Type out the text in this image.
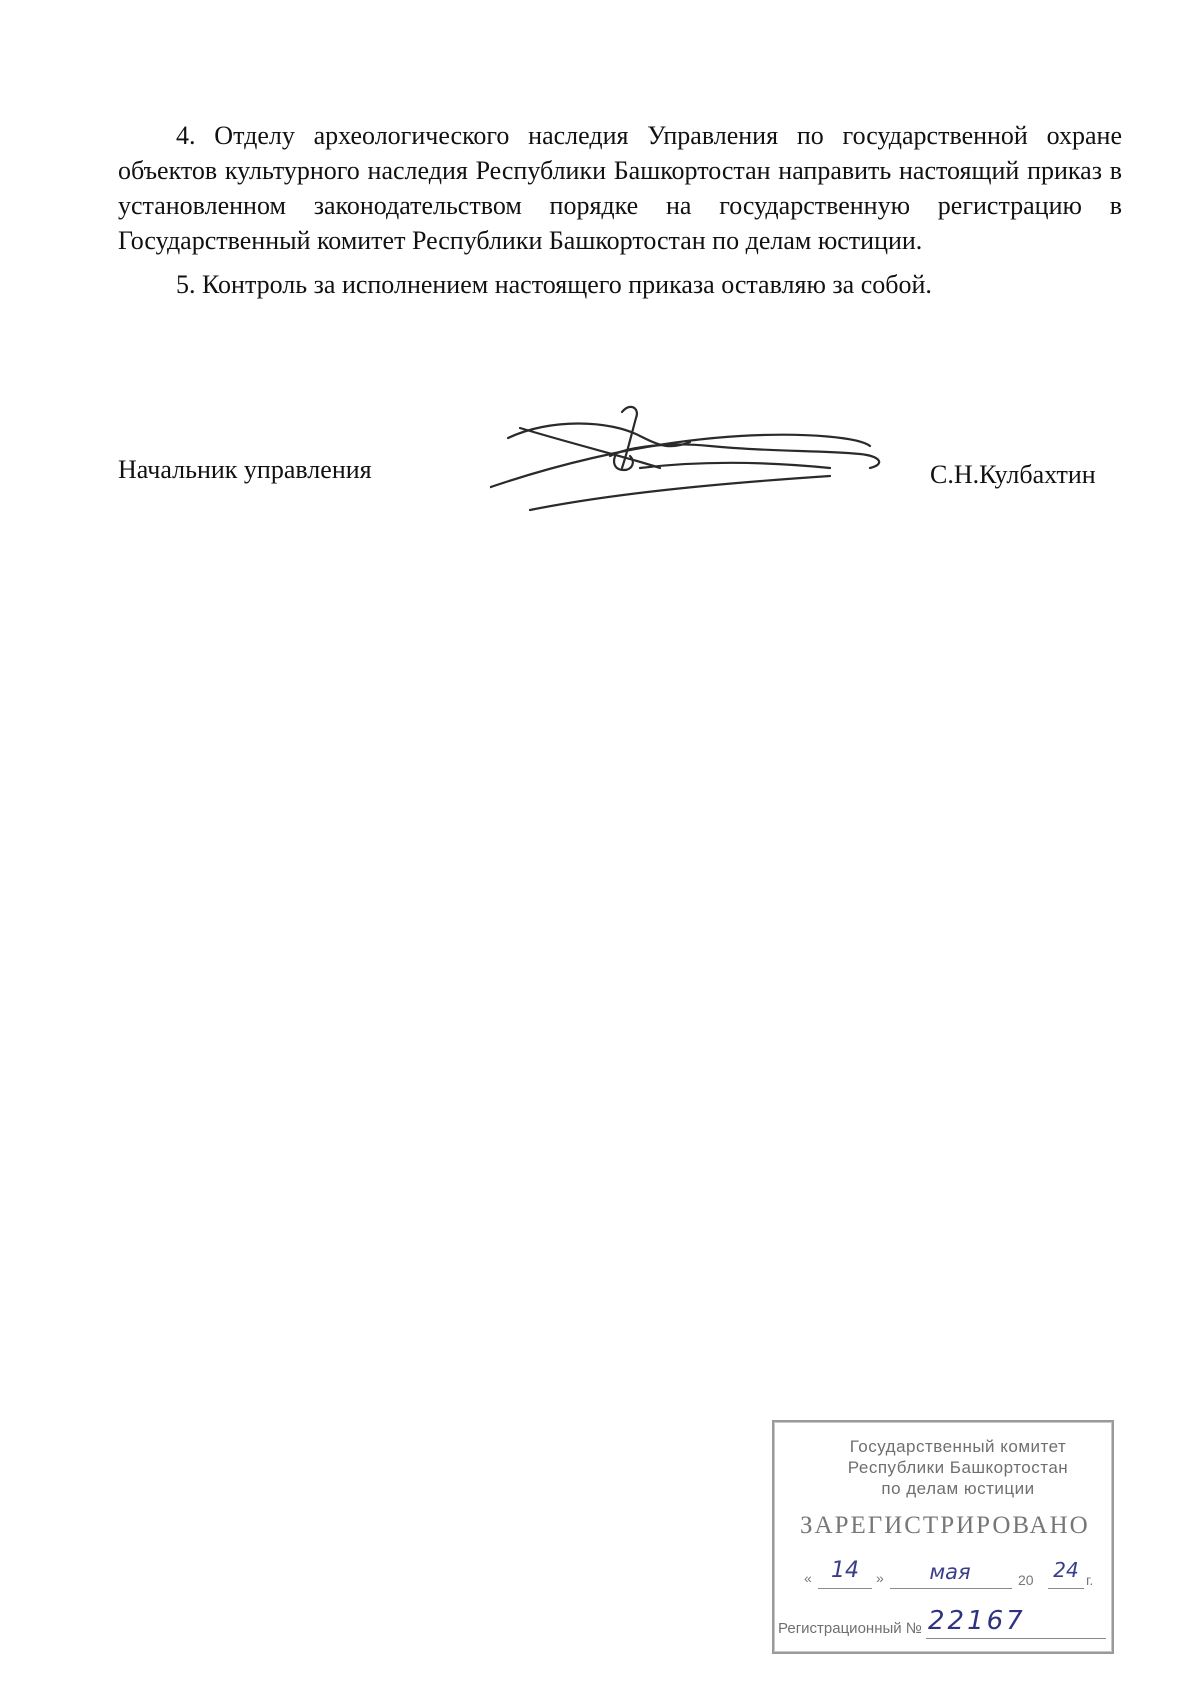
4. Отделу археологического наследия Управления по государственной охране объектов культурного наследия Республики Башкортостан направить настоящий приказ в установленном законодательством порядке на государственную регистрацию в Государственный комитет Республики Башкортостан по делам юстиции.

5. Контроль за исполнением настоящего приказа оставляю за собой.

Начальник управления	С.Н.Кулбахтин
Государственный комитет
Республики Башкортостан
по делам юстиции
ЗАРЕГИСТРИРОВАНО
« 14	»	мая	20 24 г.
Регистрационный № 22167
